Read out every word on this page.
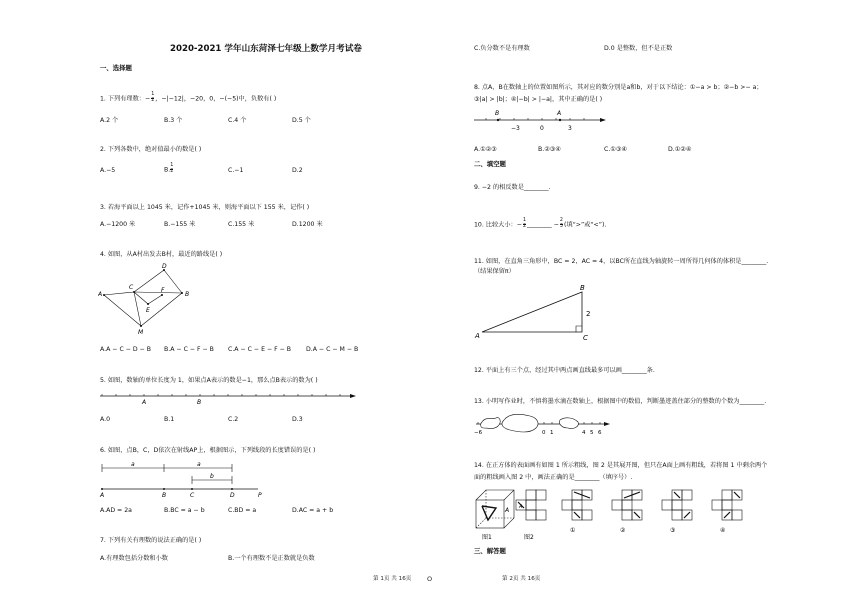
2020-2021 学年山东菏泽七年级上数学月考试卷
一、选择题
1. 下列有理数：− $\frac{1}{2}$ ，−|−12|，−20，0，−(−5)中，负数有( )
A.2 个	B.3 个	C.4 个	D.5 个
2. 下列各数中，绝对值最小的数是( )
A.−5	B. $\frac{1}{2}$	C.−1	D.2
3. 若海平面以上 1045 米，记作+1045 米，则海平面以下 155 米，记作( )
A.−1200 米	B.−155 米	C.155 米	D.1200 米
4. 如图，从A村出发去B村，最近的路线是( )
A	B
C
D
E
F
M
A.A − C − D − B B.A − C − F − B C.A − C − E − F − B D.A − C − M − B
5. 如图，数轴的单位长度为 1，如果点A表示的数是−1，那么点B表示的数为( )
A	B
A.0	B.1	C.2	D.3
6. 如图，点B，C，D依次在射线AP上，根据图示，下列线段的长度错误的是( )
a	a
b
A	B	C	D	P
A.AD = 2a	B.BC = a − b	C.BD = a	D.AC = a + b
7. 下列有关有理数的说法正确的是( )
A.有理数包括分数和小数	B.一个有理数不是正数就是负数
第 1页 共 16页 O
C.负分数不是有理数	D.0 是整数，但不是正数
8. 点A，B在数轴上的位置如图所示，其对应的数分别是a和b，对于以下结论：①−a > b；②−b >− a；
③|a| > |b|；④|−b| > |−a|，其中正确的是( )
B	A
−3	0	3
A.①②③	B.②③④	C.①③④	D.①②④
二、填空题
9. −2 的相反数是________.
10. 比较大小：− $\frac{1}{2}$ ________ − $\frac{2}{3}$ (填“>”或“<”).
11. 如图，在直角三角形中，BC = 2，AC = 4，以BC所在直线为轴旋转一周所得几何体的体积是________.
（结果保留π）
A
B
C
2
12. 平面上有三个点，经过其中两点画直线最多可以画________条.
13. 小明写作业时，不慎将墨水滴在数轴上，根据图中的数值，判断墨迹盖住部分的整数的个数为________.
−6	0 1	4 5 6
14. 在正方体的表面画有如图 1 所示粗线，图 2 是其展开图，但只在A面上画有粗线，若将图 1 中剩余两个
面的粗线画入图 2 中，画法正确的是________（填序号）.
图1	图2
①	②	③	④
A A
三、解答题
第 2页 共 16页
